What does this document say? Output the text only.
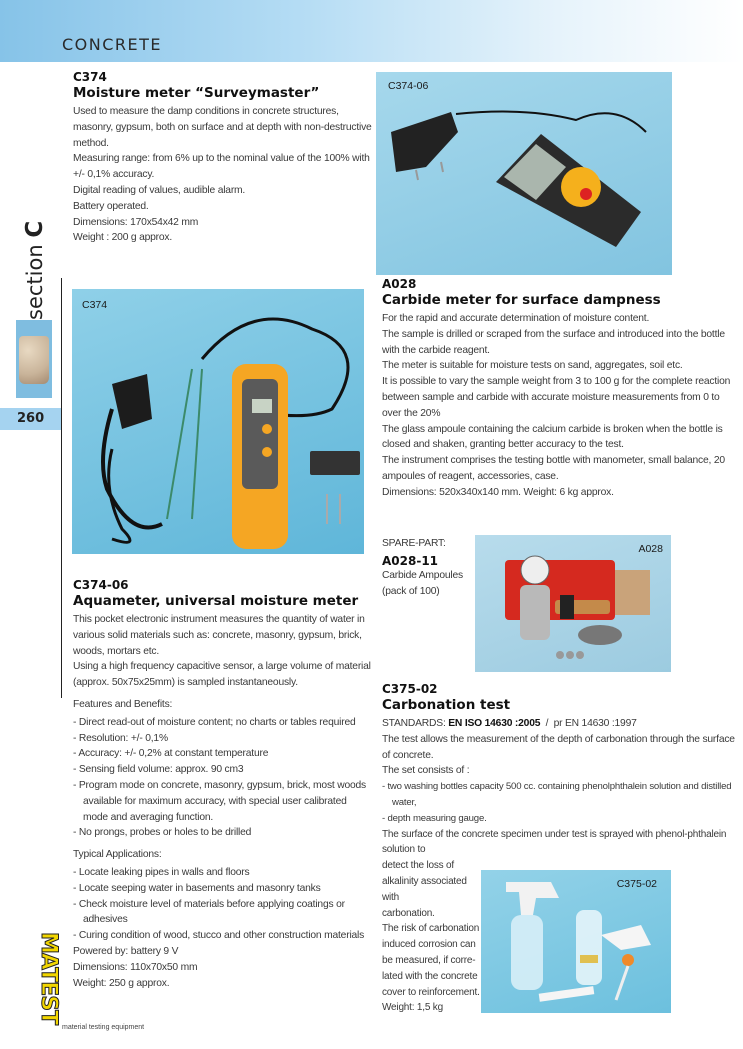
CONCRETE
section C
260
C374
Moisture meter “Surveymaster”

Used to measure the damp conditions in concrete structures, masonry, gypsum, both on surface and at depth with non-destructive method.

Measuring range: from 6% up to the nominal value of the 100% with +/- 0,1% accuracy.

Digital reading of values, audible alarm.

Battery operated.

Dimensions: 170x54x42 mm

Weight : 200 g approx.

C374
C374-06
A028
Carbide meter for surface dampness

For the rapid and accurate determination of moisture content.

The sample is drilled or scraped from the surface and introduced into the bottle with the carbide reagent.

The meter is suitable for moisture tests on sand, aggregates, soil etc.

It is possible to vary the sample weight from 3 to 100 g for the complete reaction between sample and carbide with accurate moisture measurements from 0 to over the 20%

The glass ampoule containing the calcium carbide is broken when the bottle is closed and shaken, granting better accuracy to the test.

The instrument comprises the testing bottle with manometer, small balance, 20 ampoules of reagent, accessories, case.

Dimensions: 520x340x140 mm. Weight: 6 kg approx.

SPARE-PART:
A028-11
Carbide Ampoules
(pack of 100)
A028
C374-06
Aquameter, universal moisture meter

This pocket electronic instrument measures the quantity of water in various solid materials such as: concrete, masonry, gypsum, brick, woods, mortars etc.

Using a high frequency capacitive sensor, a large volume of material (approx. 50x75x25mm) is sampled instantaneously.

Features and Benefits:
- Direct read-out of moisture content; no charts or tables required
- Resolution: +/- 0,1%
- Accuracy: +/- 0,2% at constant temperature
- Sensing field volume: approx. 90 cm3
- Program mode on concrete, masonry, gypsum, brick, most woods available for maximum accuracy, with special user calibrated mode and averaging function.
- No prongs, probes or holes to be drilled
Typical Applications:
- Locate leaking pipes in walls and floors
- Locate seeping water in basements and masonry tanks
- Check moisture level of materials before applying coatings or adhesives
- Curing condition of wood, stucco and other construction materials

Powered by: battery 9 V

Dimensions: 110x70x50 mm

Weight: 250 g approx.

C375-02
Carbonation test
STANDARDS: EN ISO 14630 :2005  /  pr EN 14630 :1997

The test allows the measurement of the depth of carbonation through the surface of concrete.

The set consists of :

- two washing bottles capacity 500 cc. containing phenolphthalein solution and distilled water,
- depth measuring gauge.
The surface of the concrete specimen under test is sprayed with phenol-phthalein solution to

detect the loss of

alkalinity associated with

carbonation.

The risk of carbonation

induced corrosion can

be measured, if corre-

lated with the concrete

cover to reinforcement.

Weight: 1,5 kg

C375-02
MATEST
material testing equipment
